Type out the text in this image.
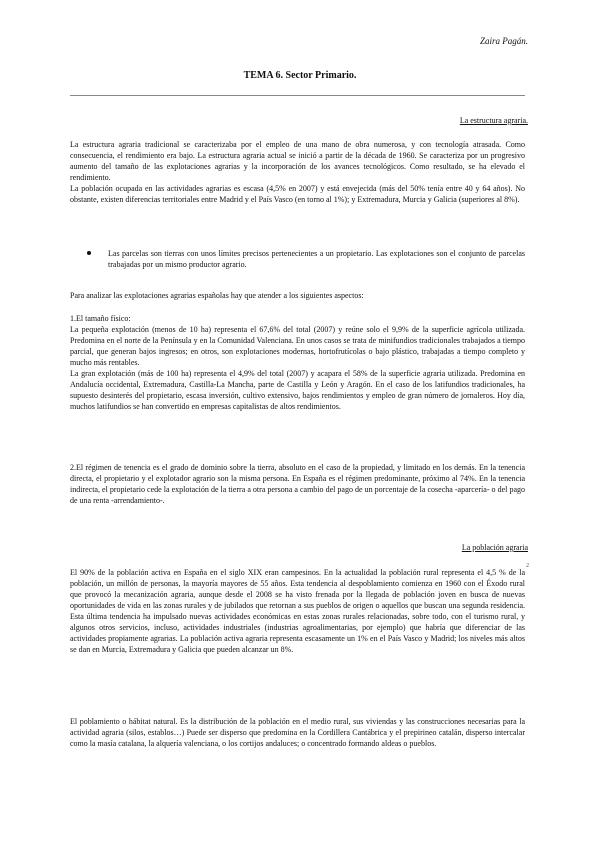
Zaira Pagán.
TEMA 6. Sector Primario.
La estructura agraria.

La estructura agraria tradicional se caracterizaba por el empleo de una mano de obra numerosa, y con tecnología atrasada. Como consecuencia, el rendimiento era bajo. La estructura agraria actual se inició a partir de la década de 1960. Se caracteriza por un progresivo aumento del tamaño de las explotaciones agrarias y la incorporación de los avances tecnológicos. Como resultado, se ha elevado el rendimiento.

La población ocupada en las actividades agrarias es escasa (4,5% en 2007) y está envejecida (más del 50% tenía entre 40 y 64 años). No obstante, existen diferencias territoriales entre Madrid y el País Vasco (en torno al 1%); y Extremadura, Murcia y Galicia (superiores al 8%).

Las parcelas son tierras con unos límites precisos pertenecientes a un propietario. Las explotaciones son el conjunto de parcelas trabajadas por un mismo productor agrario.
Para analizar las explotaciones agrarias españolas hay que atender a los siguientes aspectos:

1.El tamaño físico:

La pequeña explotación (menos de 10 ha) representa el 67,6% del total (2007) y reúne solo el 9,9% de la superficie agrícola utilizada. Predomina en el norte de la Península y en la Comunidad Valenciana. En unos casos se trata de minifundios tradicionales trabajados a tiempo parcial, que generan bajos ingresos; en otros, son explotaciones modernas, hortofrutícolas o bajo plástico, trabajadas a tiempo completo y mucho más rentables.

La gran explotación (más de 100 ha) representa el 4,9% del total (2007) y acapara el 58% de la superficie agraria utilizada. Predomina en Andalucía occidental, Extremadura, Castilla-La Mancha, parte de Castilla y León y Aragón. En el caso de los latifundios tradicionales, ha supuesto desinterés del propietario, escasa inversión, cultivo extensivo, bajos rendimientos y empleo de gran número de jornaleros. Hoy día, muchos latifundios se han convertido en empresas capitalistas de altos rendimientos.

2.El régimen de tenencia es el grado de dominio sobre la tierra, absoluto en el caso de la propiedad, y limitado en los demás. En la tenencia directa, el propietario y el explotador agrario son la misma persona. En España es el régimen predominante, próximo al 74%. En la tenencia indirecta, el propietario cede la explotación de la tierra a otra persona a cambio del pago de un porcentaje de la cosecha -aparcería- o del pago de una renta -arrendamiento-.
La población agraria
2
El 90% de la población activa en España en el siglo XIX eran campesinos. En la actualidad la población rural representa el 4,5 % de la población, un millón de personas, la mayoría mayores de 55 años. Esta tendencia al despoblamiento comienza en 1960 con el Éxodo rural que provocó la mecanización agraria, aunque desde el 2008 se ha visto frenada por la llegada de población joven en busca de nuevas oportunidades de vida en las zonas rurales y de jubilados que retornan a sus pueblos de origen o aquellos que buscan una segunda residencia. Esta última tendencia ha impulsado nuevas actividades económicas en estas zonas rurales relacionadas, sobre todo, con el turismo rural, y algunos otros servicios, incluso, actividades industriales (industrias agroalimentarias, por ejemplo) que habría que diferenciar de las actividades propiamente agrarias. La población activa agraria representa escasamente un 1% en el País Vasco y Madrid; los niveles más altos se dan en Murcia, Extremadura y Galicia que pueden alcanzar un 8%.
El poblamiento o hábitat natural. Es la distribución de la población en el medio rural, sus viviendas y las construcciones necesarias para la actividad agraria (silos, establos…) Puede ser disperso que predomina en la Cordillera Cantábrica y el prepirineo catalán, disperso intercalar como la masía catalana, la alquería valenciana, o los cortijos andaluces; o concentrado formando aldeas o pueblos.
